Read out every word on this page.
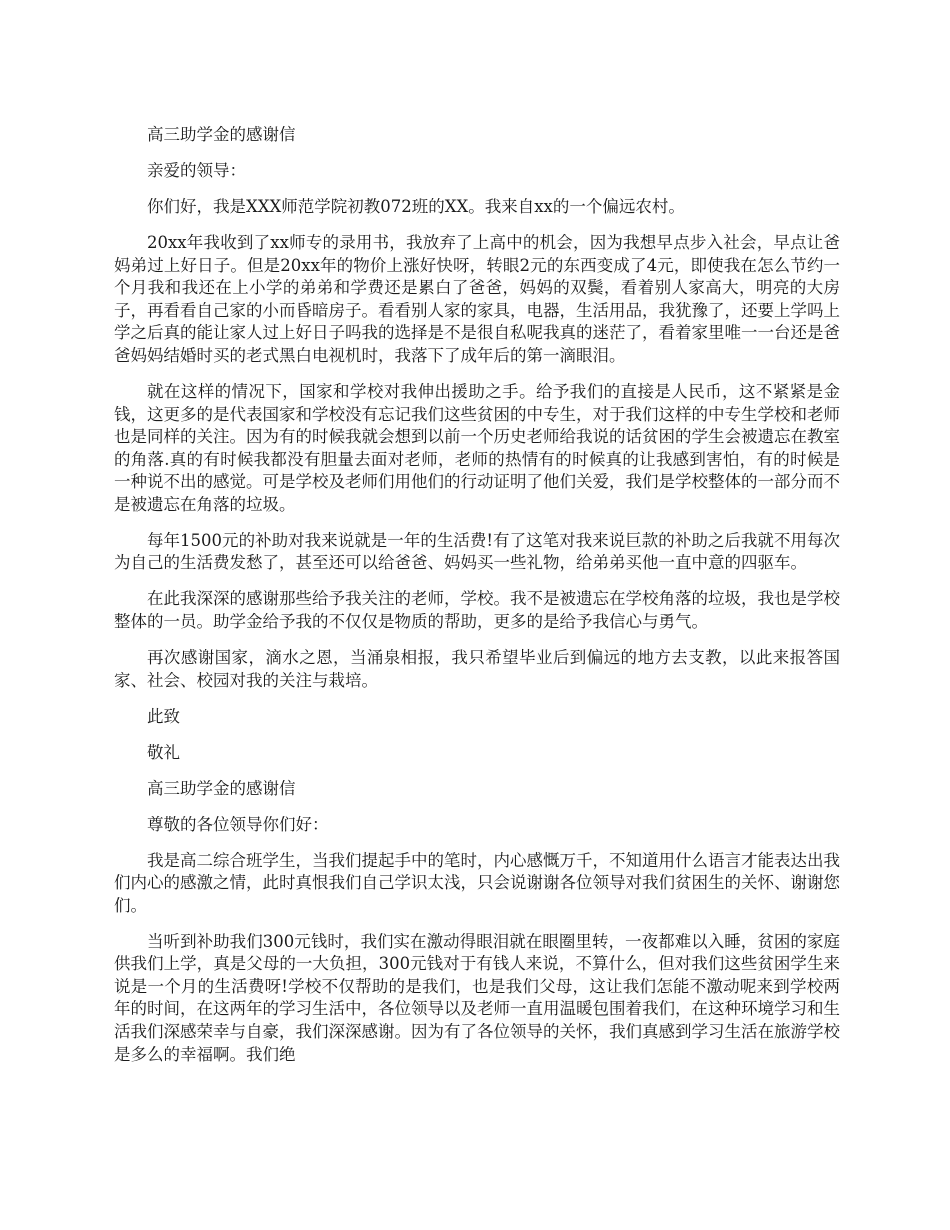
高三助学金的感谢信

亲爱的领导：

你们好，我是XXX师范学院初教072班的XX。我来自xx的一个偏远农村。

20xx年我收到了xx师专的录用书，我放弃了上高中的机会，因为我想早点步入社会，早点让爸妈弟过上好日子。但是20xx年的物价上涨好快呀，转眼2元的东西变成了4元，即使我在怎么节约一个月我和我还在上小学的弟弟和学费还是累白了爸爸，妈妈的双鬓，看着别人家高大，明亮的大房子，再看看自己家的小而昏暗房子。看看别人家的家具，电器，生活用品，我犹豫了，还要上学吗上学之后真的能让家人过上好日子吗我的选择是不是很自私呢我真的迷茫了，看着家里唯一一台还是爸爸妈妈结婚时买的老式黑白电视机时，我落下了成年后的第一滴眼泪。

就在这样的情况下，国家和学校对我伸出援助之手。给予我们的直接是人民币，这不紧紧是金钱，这更多的是代表国家和学校没有忘记我们这些贫困的中专生，对于我们这样的中专生学校和老师也是同样的关注。因为有的时候我就会想到以前一个历史老师给我说的话贫困的学生会被遗忘在教室的角落.真的有时候我都没有胆量去面对老师，老师的热情有的时候真的让我感到害怕，有的时候是一种说不出的感觉。可是学校及老师们用他们的行动证明了他们关爱，我们是学校整体的一部分而不是被遗忘在角落的垃圾。

每年1500元的补助对我来说就是一年的生活费!有了这笔对我来说巨款的补助之后我就不用每次为自己的生活费发愁了，甚至还可以给爸爸、妈妈买一些礼物，给弟弟买他一直中意的四驱车。

在此我深深的感谢那些给予我关注的老师，学校。我不是被遗忘在学校角落的垃圾，我也是学校整体的一员。助学金给予我的不仅仅是物质的帮助，更多的是给予我信心与勇气。

再次感谢国家，滴水之恩，当涌泉相报，我只希望毕业后到偏远的地方去支教，以此来报答国家、社会、校园对我的关注与栽培。

此致

敬礼

高三助学金的感谢信

尊敬的各位领导你们好：

我是高二综合班学生，当我们提起手中的笔时，内心感慨万千，不知道用什么语言才能表达出我们内心的感激之情，此时真恨我们自己学识太浅，只会说谢谢各位领导对我们贫困生的关怀、谢谢您们。

当听到补助我们300元钱时，我们实在激动得眼泪就在眼圈里转，一夜都难以入睡，贫困的家庭供我们上学，真是父母的一大负担，300元钱对于有钱人来说，不算什么，但对我们这些贫困学生来说是一个月的生活费呀!学校不仅帮助的是我们，也是我们父母，这让我们怎能不激动呢来到学校两年的时间，在这两年的学习生活中，各位领导以及老师一直用温暖包围着我们，在这种环境学习和生活我们深感荣幸与自豪，我们深深感谢。因为有了各位领导的关怀，我们真感到学习生活在旅游学校是多么的幸福啊。我们绝
